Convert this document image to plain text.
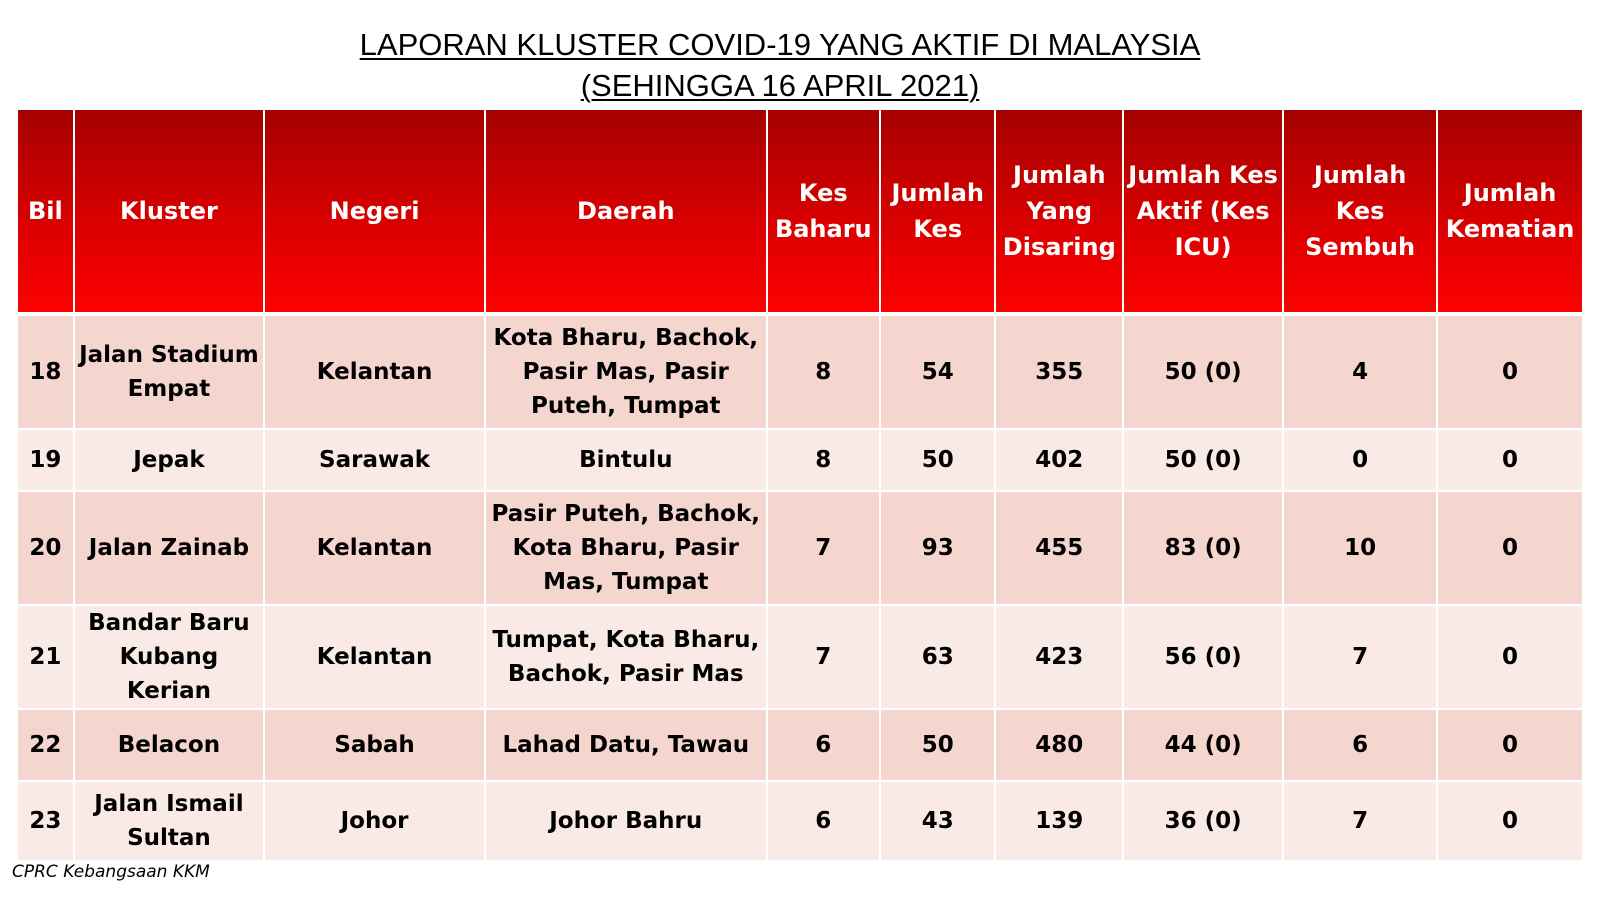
LAPORAN KLUSTER COVID-19 YANG AKTIF DI MALAYSIA
(SEHINGGA 16 APRIL 2021)
Bil	Kluster	Negeri	Daerah	Kes Baharu	Jumlah Kes	Jumlah Yang Disaring	Jumlah Kes Aktif (Kes ICU)	Jumlah Kes Sembuh	Jumlah Kematian
18	Jalan Stadium Empat	Kelantan	Kota Bharu, Bachok, Pasir Mas, Pasir Puteh, Tumpat	8	54	355	50 (0)	4	0
19	Jepak	Sarawak	Bintulu	8	50	402	50 (0)	0	0
20	Jalan Zainab	Kelantan	Pasir Puteh, Bachok, Kota Bharu, Pasir Mas, Tumpat	7	93	455	83 (0)	10	0
21	Bandar Baru Kubang Kerian	Kelantan	Tumpat, Kota Bharu, Bachok, Pasir Mas	7	63	423	56 (0)	7	0
22	Belacon	Sabah	Lahad Datu, Tawau	6	50	480	44 (0)	6	0
23	Jalan Ismail Sultan	Johor	Johor Bahru	6	43	139	36 (0)	7	0
CPRC Kebangsaan KKM
